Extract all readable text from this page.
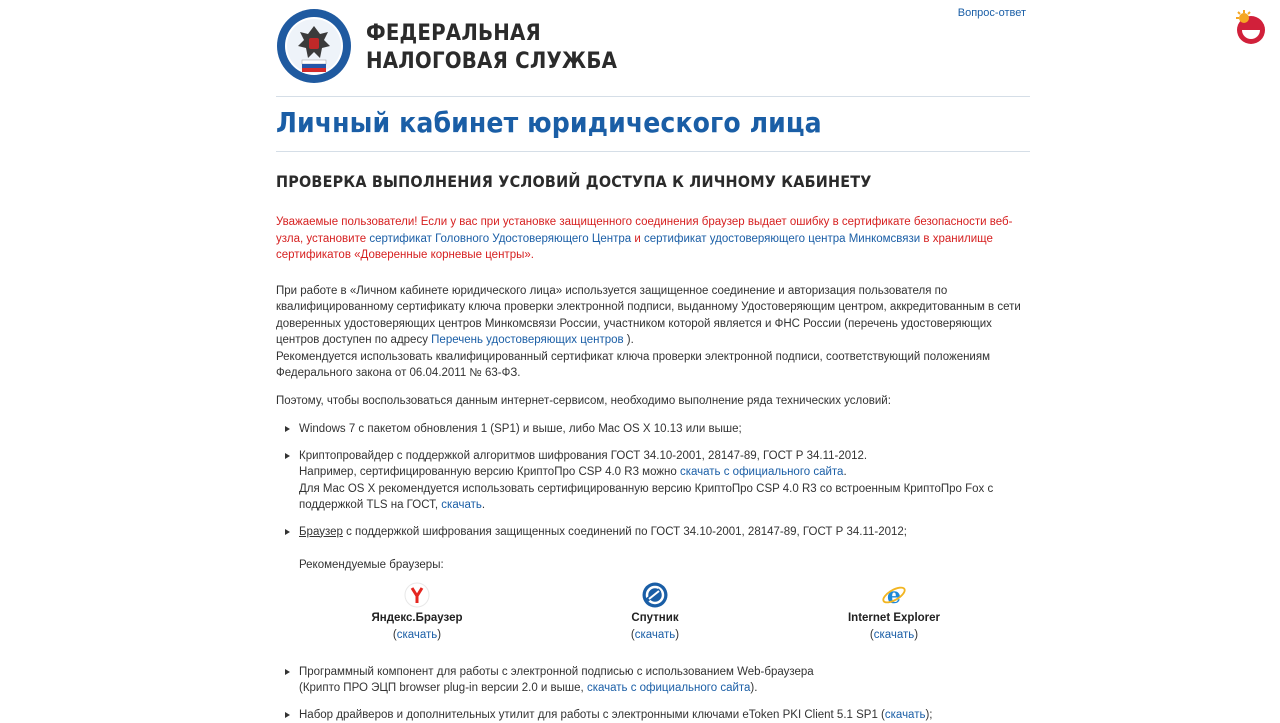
ФЕДЕРАЛЬНАЯ
НАЛОГОВАЯ СЛУЖБА
Вопрос-ответ
Личный кабинет юридического лица
ПРОВЕРКА ВЫПОЛНЕНИЯ УСЛОВИЙ ДОСТУПА К ЛИЧНОМУ КАБИНЕТУ
Уважаемые пользователи! Если у вас при установке защищенного соединения браузер выдает ошибку в сертификате безопасности веб-узла, установите сертификат Головного Удостоверяющего Центра и сертификат удостоверяющего центра Минкомсвязи в хранилище сертификатов «Доверенные корневые центры».
При работе в «Личном кабинете юридического лица» используется защищенное соединение и авторизация пользователя по квалифицированному сертификату ключа проверки электронной подписи, выданному Удостоверяющим центром, аккредитованным в сети доверенных удостоверяющих центров Минкомсвязи России, участником которой является и ФНС России (перечень удостоверяющих центров доступен по адресу Перечень удостоверяющих центров ).
Рекомендуется использовать квалифицированный сертификат ключа проверки электронной подписи, соответствующий положениям Федерального закона от 06.04.2011 № 63-ФЗ.
Поэтому, чтобы воспользоваться данным интернет-сервисом, необходимо выполнение ряда технических условий:
Windows 7 с пакетом обновления 1 (SP1) и выше, либо Mac OS X 10.13 или выше;
Криптопровайдер с поддержкой алгоритмов шифрования ГОСТ 34.10-2001, 28147-89, ГОСТ Р 34.11-2012.
Например, сертифицированную версию КриптоПро CSP 4.0 R3 можно скачать с официального сайта.
Для Mac OS X рекомендуется использовать сертифицированную версию КриптоПро CSP 4.0 R3 со встроенным КриптоПро Fox с поддержкой TLS на ГОСТ, скачать.
Браузер с поддержкой шифрования защищенных соединений по ГОСТ 34.10-2001, 28147-89, ГОСТ Р 34.11-2012;
Рекомендуемые браузеры:
Яндекс.Браузер
(скачать)
Спутник
(скачать)
e
Internet Explorer
(скачать)
Программный компонент для работы с электронной подписью с использованием Web-браузера
(Крипто ПРО ЭЦП browser plug-in версии 2.0 и выше, скачать с официального сайта).
Набор драйверов и дополнительных утилит для работы с электронными ключами eToken PKI Client 5.1 SP1 (скачать);
